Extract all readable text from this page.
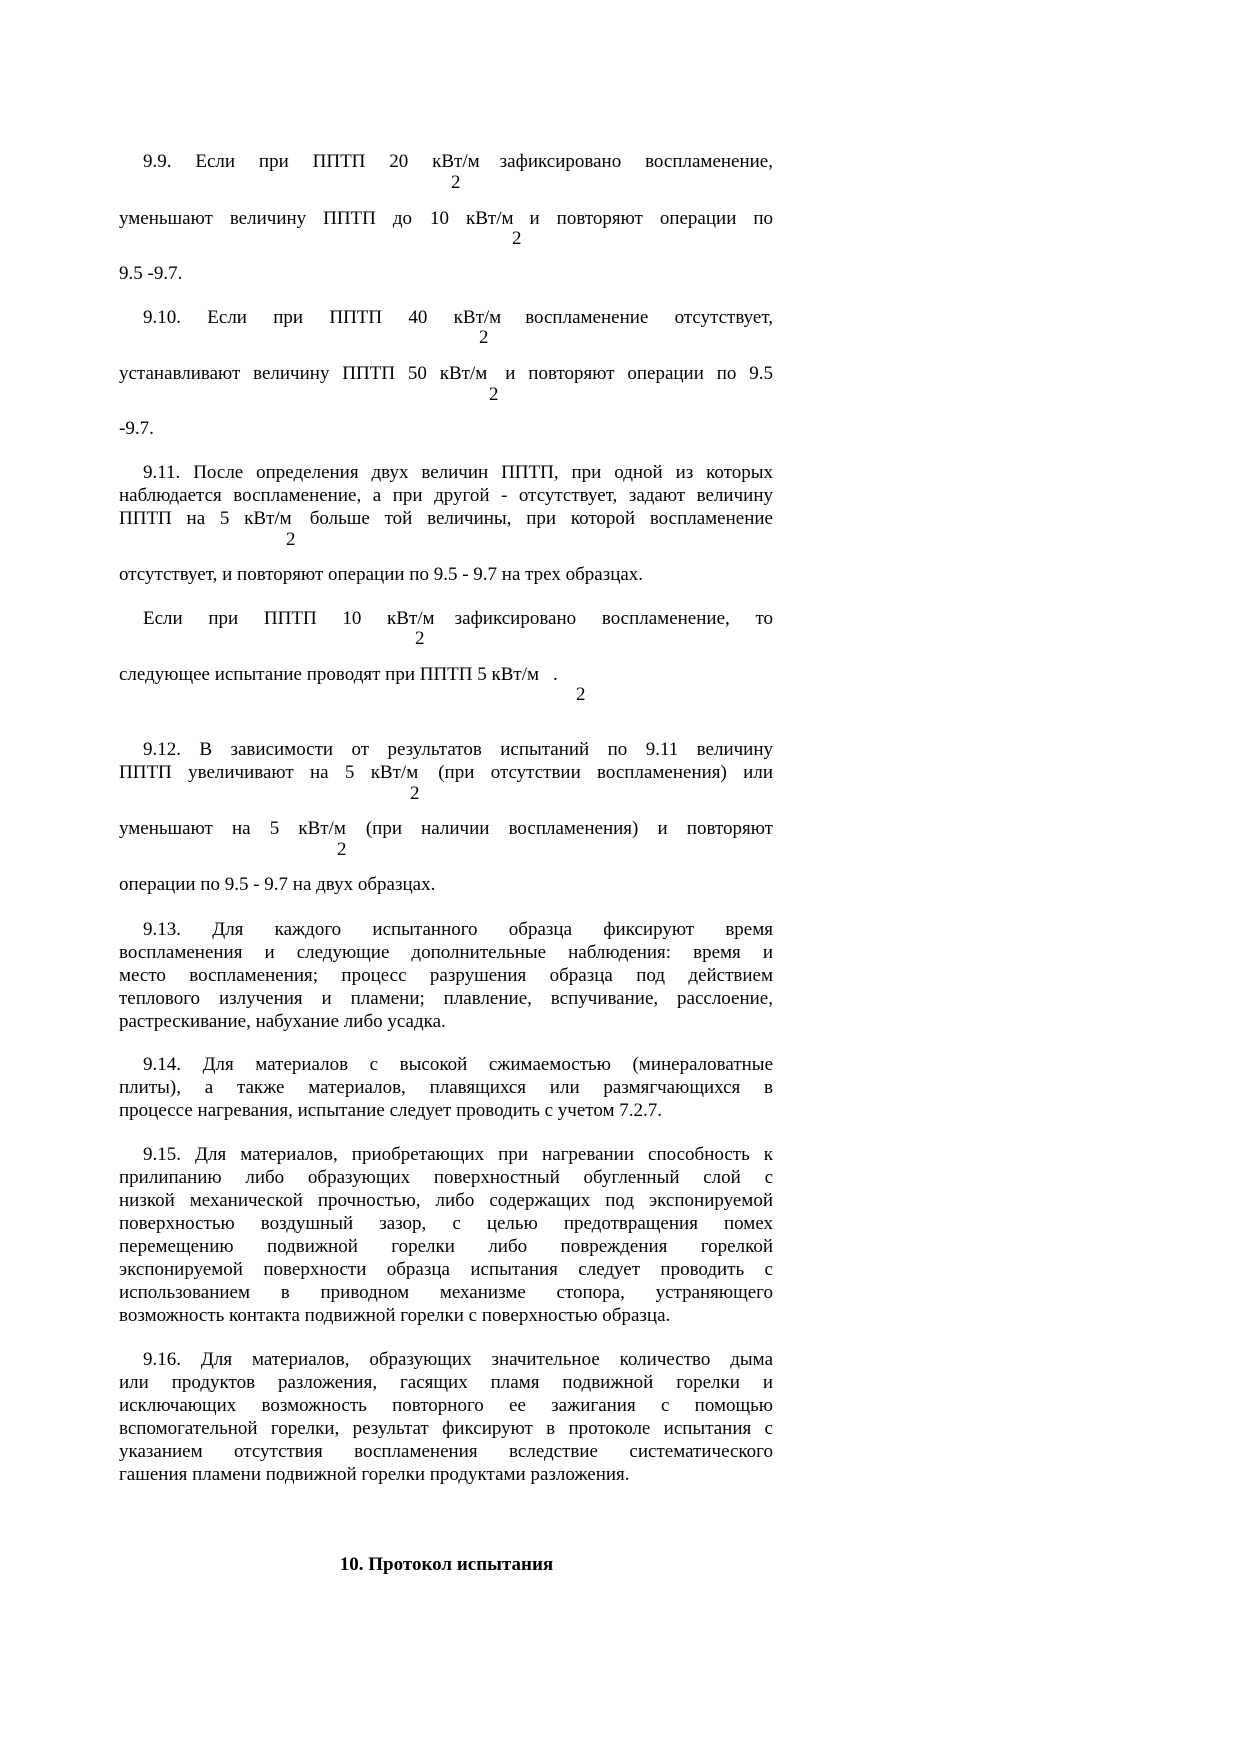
9.9. Если при ППТП 20 кВт/м зафиксировано воспламенение,
2
уменьшают величину ППТП до 10 кВт/м и повторяют операции по
2
9.5 -9.7.
9.10. Если при ППТП 40 кВт/м воспламенение отсутствует,
2
устанавливают величину ППТП 50 кВт/м и повторяют операции по 9.5
2
-9.7.
9.11. После определения двух величин ППТП, при одной из которых
наблюдается воспламенение, а при другой - отсутствует, задают величину
ППТП на 5 кВт/м больше той величины, при которой воспламенение
2
отсутствует, и повторяют операции по 9.5 - 9.7 на трех образцах.
Если при ППТП 10 кВт/м зафиксировано воспламенение, то
2
следующее испытание проводят при ППТП 5 кВт/м .
2
9.12. В зависимости от результатов испытаний по 9.11 величину
ППТП увеличивают на 5 кВт/м (при отсутствии воспламенения) или
2
уменьшают на 5 кВт/м (при наличии воспламенения) и повторяют
2
операции по 9.5 - 9.7 на двух образцах.
9.13. Для каждого испытанного образца фиксируют время
воспламенения и следующие дополнительные наблюдения: время и
место воспламенения; процесс разрушения образца под действием
теплового излучения и пламени; плавление, вспучивание, расслоение,
растрескивание, набухание либо усадка.
9.14. Для материалов с высокой сжимаемостью (минераловатные
плиты), а также материалов, плавящихся или размягчающихся в
процессе нагревания, испытание следует проводить с учетом 7.2.7.
9.15. Для материалов, приобретающих при нагревании способность к
прилипанию либо образующих поверхностный обугленный слой с
низкой механической прочностью, либо содержащих под экспонируемой
поверхностью воздушный зазор, с целью предотвращения помех
перемещению подвижной горелки либо повреждения горелкой
экспонируемой поверхности образца испытания следует проводить с
использованием в приводном механизме стопора, устраняющего
возможность контакта подвижной горелки с поверхностью образца.
9.16. Для материалов, образующих значительное количество дыма
или продуктов разложения, гасящих пламя подвижной горелки и
исключающих возможность повторного ее зажигания с помощью
вспомогательной горелки, результат фиксируют в протоколе испытания с
указанием отсутствия воспламенения вследствие систематического
гашения пламени подвижной горелки продуктами разложения.
10. Протокол испытания
